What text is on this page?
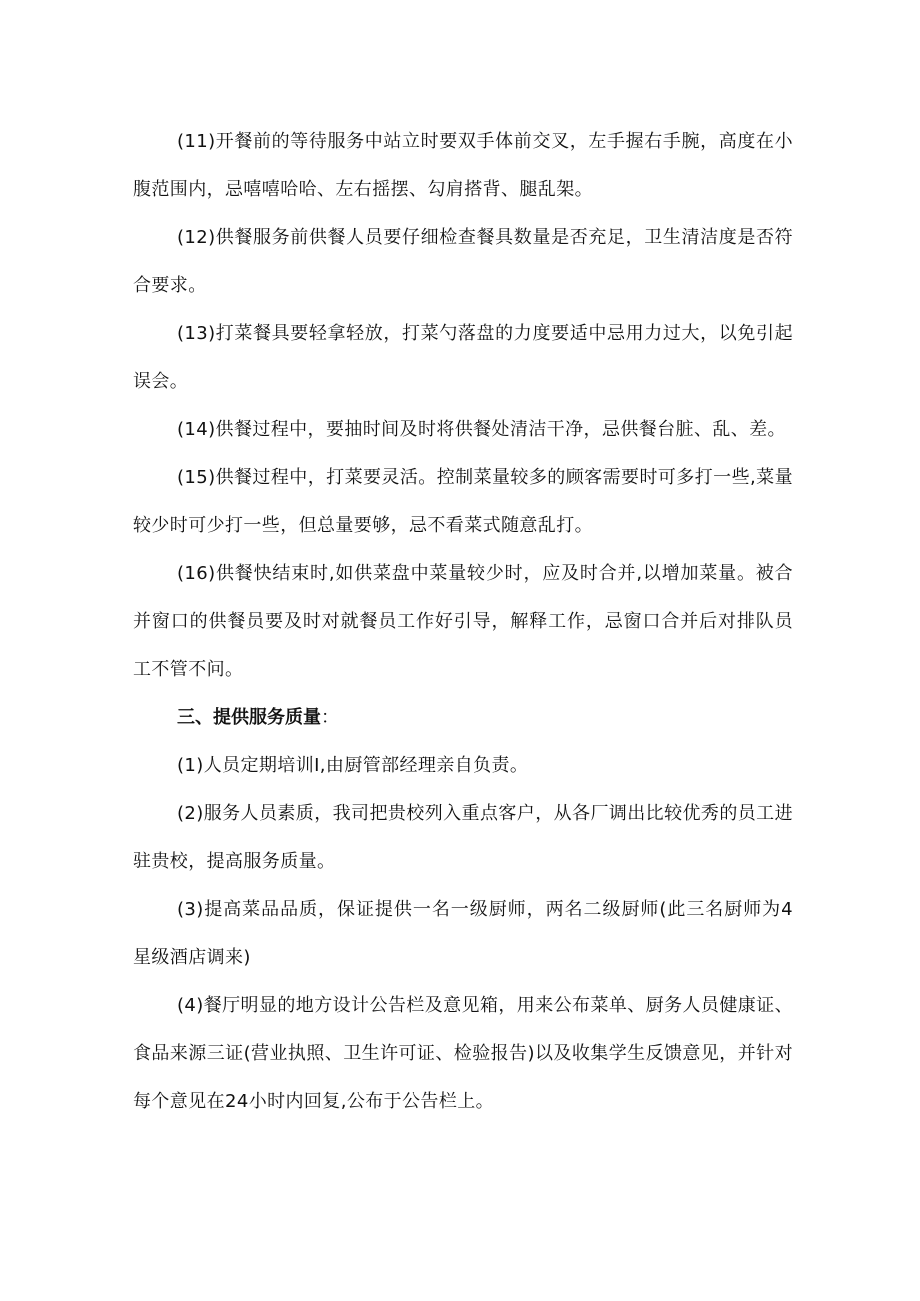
(11)开餐前的等待服务中站立时要双手体前交叉，左手握右手腕，高度在小腹范围内，忌嘻嘻哈哈、左右摇摆、勾肩搭背、腿乱架。

(12)供餐服务前供餐人员要仔细检查餐具数量是否充足，卫生清洁度是否符合要求。

(13)打菜餐具要轻拿轻放，打菜勺落盘的力度要适中忌用力过大，以免引起误会。

(14)供餐过程中，要抽时间及时将供餐处清洁干净，忌供餐台脏、乱、差。

(15)供餐过程中，打菜要灵活。控制菜量较多的顾客需要时可多打一些,菜量较少时可少打一些，但总量要够，忌不看菜式随意乱打。

(16)供餐快结束时,如供菜盘中菜量较少时，应及时合并,以增加菜量。被合并窗口的供餐员要及时对就餐员工作好引导，解释工作，忌窗口合并后对排队员工不管不问。

三、提供服务质量：

(1)人员定期培训I,由厨管部经理亲自负责。

(2)服务人员素质，我司把贵校列入重点客户，从各厂调出比较优秀的员工进驻贵校，提高服务质量。

(3)提高菜品品质，保证提供一名一级厨师，两名二级厨师(此三名厨师为4星级酒店调来)

(4)餐厅明显的地方设计公告栏及意见箱，用来公布菜单、厨务人员健康证、食品来源三证(营业执照、卫生许可证、检验报告)以及收集学生反馈意见，并针对每个意见在24小时内回复,公布于公告栏上。
